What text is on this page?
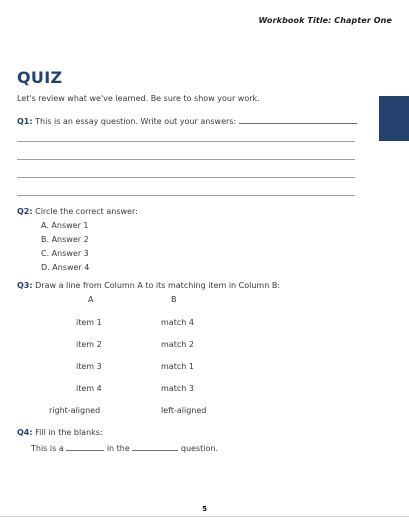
Workbook Title: Chapter One
QUIZ
Let's review what we've learned. Be sure to show your work.
Q1: This is an essay question. Write out your answers:
Q2: Circle the correct answer:
A. Answer 1
B. Answer 2
C. Answer 3
D. Answer 4
Q3: Draw a line from Column A to its matching item in Column B:
A	B
item 1	match 4
item 2	match 2
item 3	match 1
item 4	match 3
right-aligned	left-aligned
Q4: Fill in the blanks:
This is a	in the	question.
5
